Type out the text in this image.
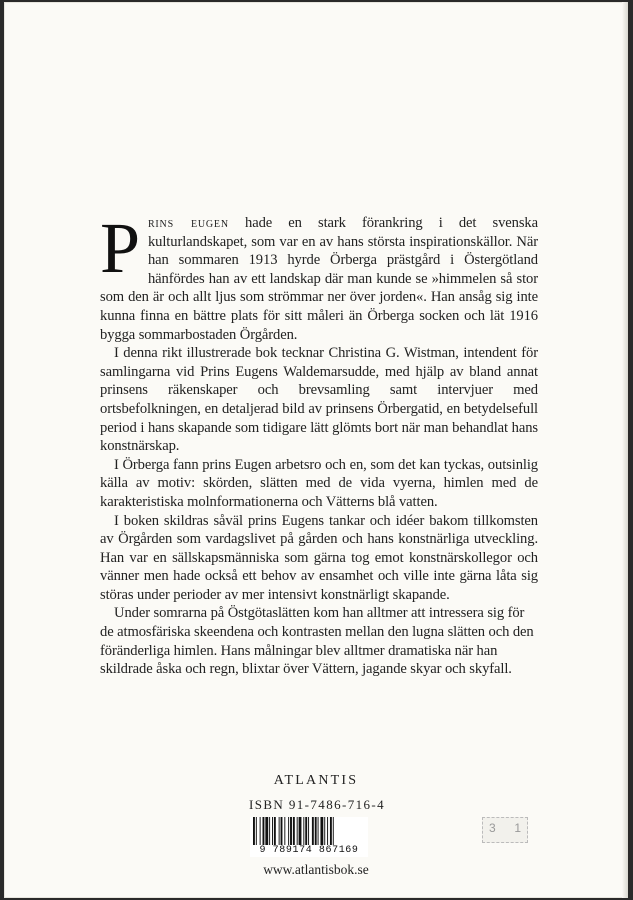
Prins eugen hade en stark förankring i det svenska kulturlandskapet, som var en av hans största inspirationskällor. När han sommaren 1913 hyrde Örberga prästgård i Östergötland hänfördes han av ett landskap där man kunde se »himmelen så stor som den är och allt ljus som strömmar ner över jorden«. Han ansåg sig inte kunna finna en bättre plats för sitt måleri än Örberga socken och lät 1916 bygga sommarbostaden Örgården.

I denna rikt illustrerade bok tecknar Christina G. Wistman, intendent för samlingarna vid Prins Eugens Waldemarsudde, med hjälp av bland annat prinsens räkenskaper och brevsamling samt intervjuer med ortsbefolkningen, en detaljerad bild av prinsens Örbergatid, en betydelsefull period i hans skapande som tidigare lätt glömts bort när man behandlat hans konstnärskap.

I Örberga fann prins Eugen arbetsro och en, som det kan tyckas, outsinlig källa av motiv: skörden, slätten med de vida vyerna, himlen med de karakteristiska molnformationerna och Vätterns blå vatten.

I boken skildras såväl prins Eugens tankar och idéer bakom tillkomsten av Örgården som vardagslivet på gården och hans konstnärliga utveckling. Han var en sällskapsmänniska som gärna tog emot konstnärskollegor och vänner men hade också ett behov av ensamhet och ville inte gärna låta sig störas under perioder av mer intensivt konstnärligt skapande.

Under somrarna på Östgötaslätten kom han alltmer att intressera sig för de atmosfäriska skeendena och kontrasten mellan den lugna slätten och den föränderliga himlen. Hans målningar blev alltmer dramatiska när han skildrade åska och regn, blixtar över Vättern, jagande skyar och skyfall.

ATLANTIS
ISBN 91-7486-716-4
9 789174 867169
3 1
www.atlantisbok.se
